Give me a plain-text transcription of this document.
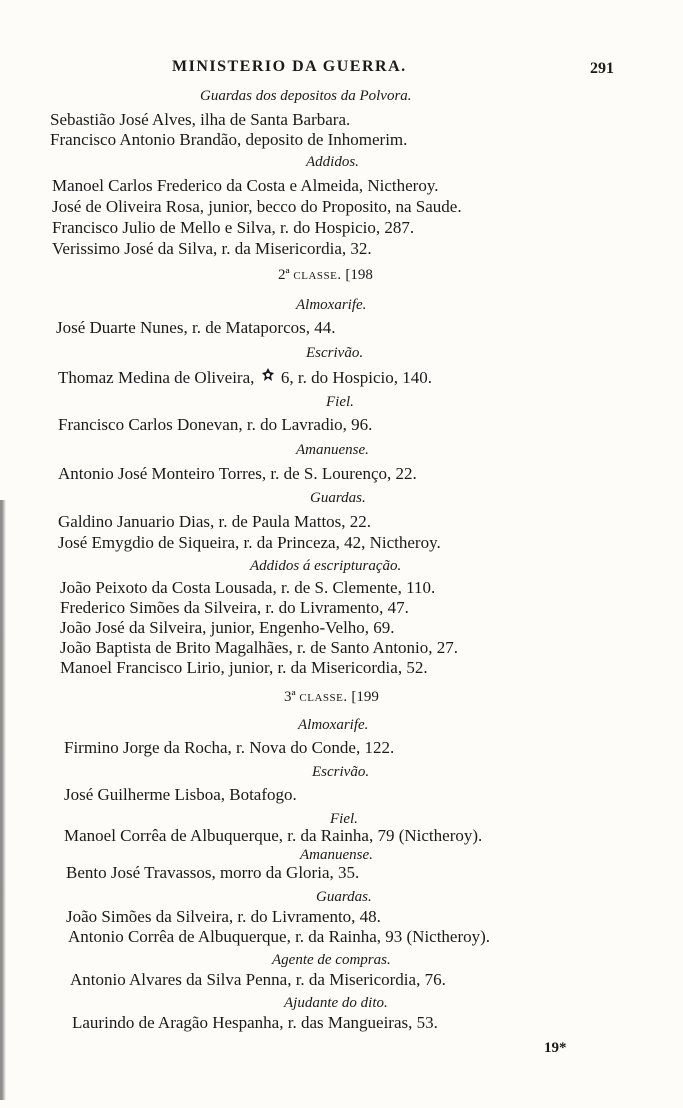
MINISTERIO DA GUERRA.	291
Guardas dos depositos da Polvora.
Sebastião José Alves, ilha de Santa Barbara.
Francisco Antonio Brandão, deposito de Inhomerim.
Addidos.
Manoel Carlos Frederico da Costa e Almeida, Nictheroy.
José de Oliveira Rosa, junior, becco do Proposito, na Saude.
Francisco Julio de Mello e Silva, r. do Hospicio, 287.
Verissimo José da Silva, r. da Misericordia, 32.
2ª classe. [198
Almoxarife.
José Duarte Nunes, r. de Mataporcos, 44.
Escrivão.
Thomaz Medina de Oliveira, 6, r. do Hospicio, 140.
Fiel.
Francisco Carlos Donevan, r. do Lavradio, 96.
Amanuense.
Antonio José Monteiro Torres, r. de S. Lourenço, 22.
Guardas.
Galdino Januario Dias, r. de Paula Mattos, 22.
José Emygdio de Siqueira, r. da Princeza, 42, Nictheroy.
Addidos á escripturação.
João Peixoto da Costa Lousada, r. de S. Clemente, 110.
Frederico Simões da Silveira, r. do Livramento, 47.
João José da Silveira, junior, Engenho-Velho, 69.
João Baptista de Brito Magalhães, r. de Santo Antonio, 27.
Manoel Francisco Lirio, junior, r. da Misericordia, 52.
3ª classe. [199
Almoxarife.
Firmino Jorge da Rocha, r. Nova do Conde, 122.
Escrivão.
José Guilherme Lisboa, Botafogo.
Fiel.
Manoel Corrêa de Albuquerque, r. da Rainha, 79 (Nictheroy).
Amanuense.
Bento José Travassos, morro da Gloria, 35.
Guardas.
João Simões da Silveira, r. do Livramento, 48.
Antonio Corrêa de Albuquerque, r. da Rainha, 93 (Nictheroy).
Agente de compras.
Antonio Alvares da Silva Penna, r. da Misericordia, 76.
Ajudante do dito.
Laurindo de Aragão Hespanha, r. das Mangueiras, 53.
19*
